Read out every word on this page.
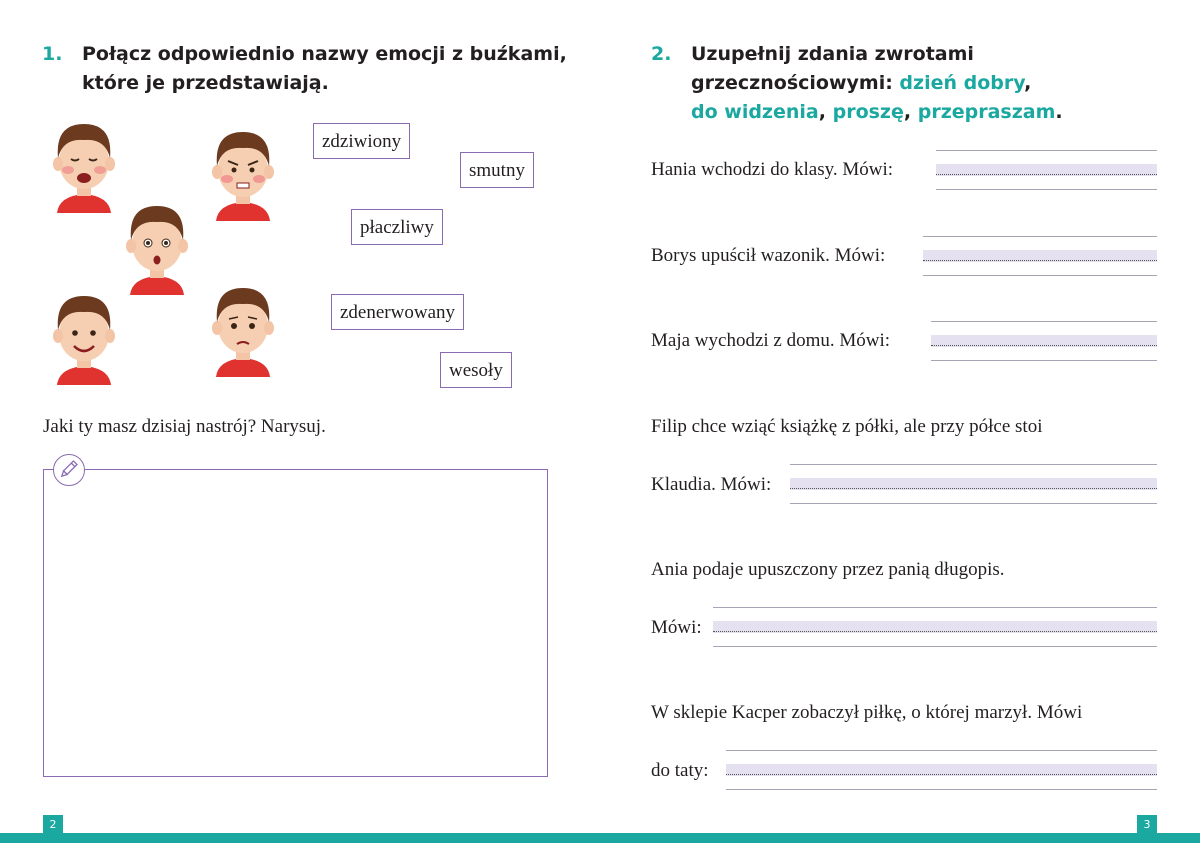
1. Połącz odpowiednio nazwy emocji z buźkami,
które je przedstawiają.
zdziwiony
smutny
płaczliwy
zdenerwowany
wesoły
Jaki ty masz dzisiaj nastrój? Narysuj.
2
2. Uzupełnij zdania zwrotami
grzecznościowymi: dzień dobry,
do widzenia, proszę, przepraszam.
Hania wchodzi do klasy. Mówi:
Borys upuścił wazonik. Mówi:
Maja wychodzi z domu. Mówi:
Filip chce wziąć książkę z półki, ale przy półce stoi
Klaudia. Mówi:
Ania podaje upuszczony przez panią długopis.
Mówi:
W sklepie Kacper zobaczył piłkę, o której marzył. Mówi
do taty:
3
